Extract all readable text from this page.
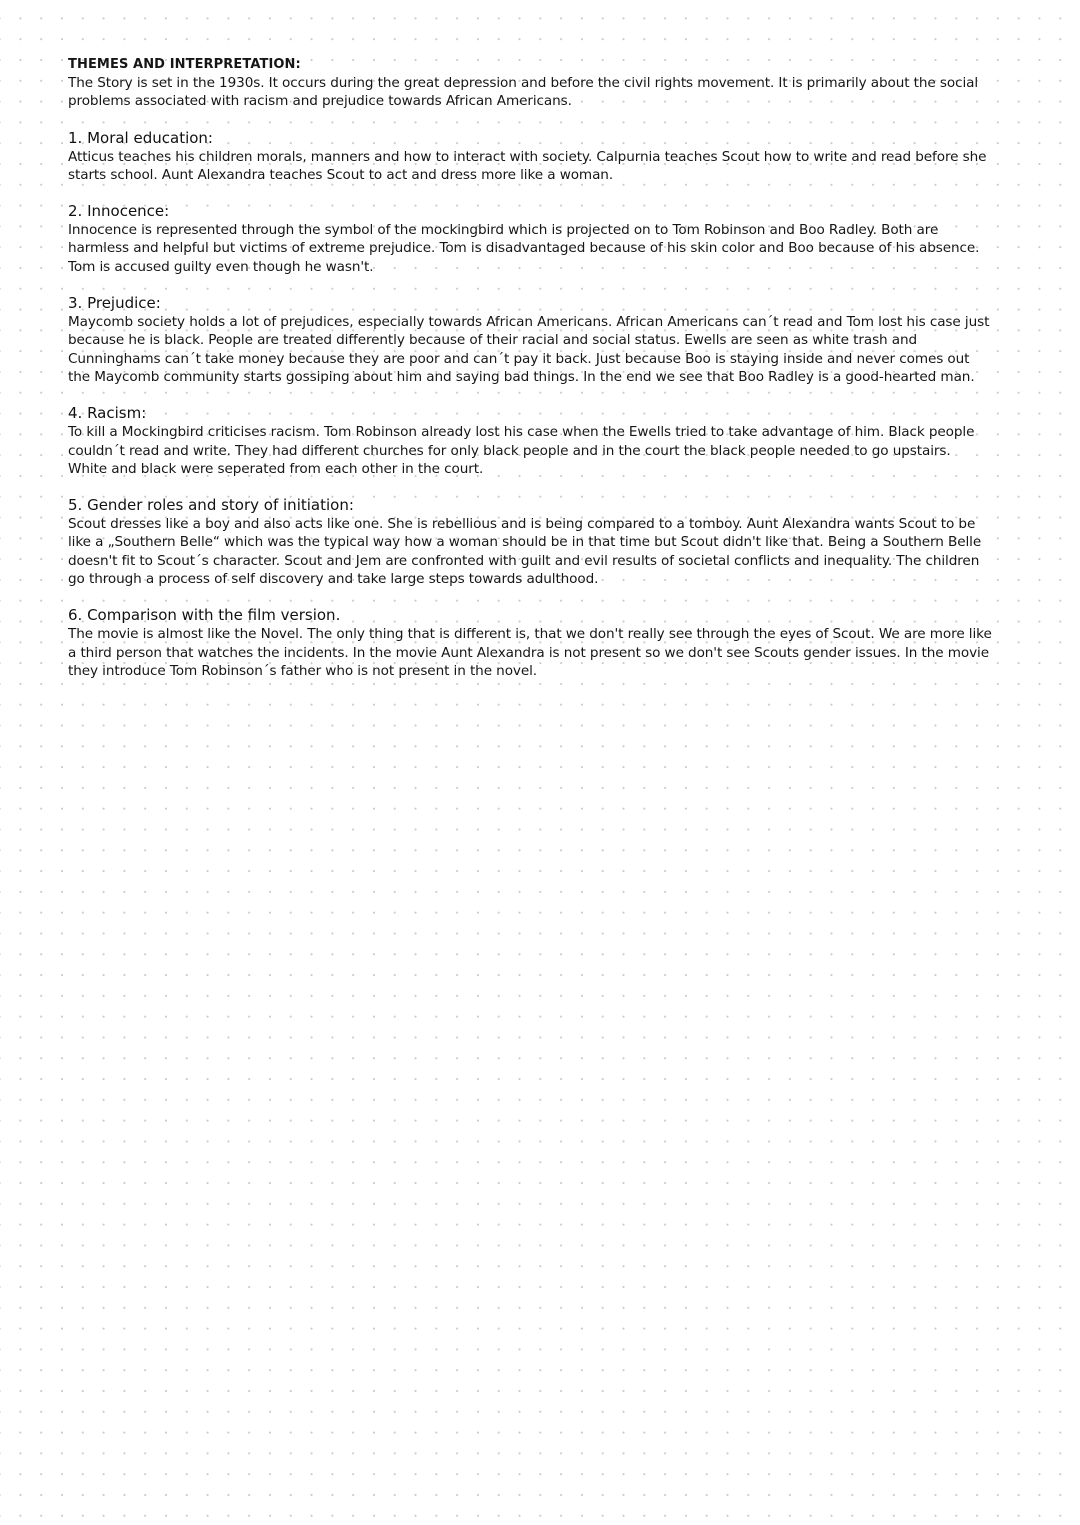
THEMES AND INTERPRETATION:

The Story is set in the 1930s. It occurs during the great depression and before the civil rights movement. It is primarily about the social problems associated with racism and prejudice towards African Americans.

1. Moral education:

Atticus teaches his children morals, manners and how to interact with society. Calpurnia teaches Scout how to write and read before she starts school. Aunt Alexandra teaches Scout to act and dress more like a woman.

2. Innocence:

Innocence is represented through the symbol of the mockingbird which is projected on to Tom Robinson and Boo Radley. Both are harmless and helpful but victims of extreme prejudice. Tom is disadvantaged because of his skin color and Boo because of his absence. Tom is accused guilty even though he wasn't.

3. Prejudice:

Maycomb society holds a lot of prejudices, especially towards African Americans. African Americans can´t read and Tom lost his case just because he is black. People are treated differently because of their racial and social status. Ewells are seen as white trash and Cunninghams can´t take money because they are poor and can´t pay it back. Just because Boo is staying inside and never comes out the Maycomb community starts gossiping about him and saying bad things. In the end we see that Boo Radley is a good-hearted man.

4. Racism:

To kill a Mockingbird criticises racism. Tom Robinson already lost his case when the Ewells tried to take advantage of him. Black people couldn´t read and write. They had different churches for only black people and in the court the black people needed to go upstairs. White and black were seperated from each other in the court.

5. Gender roles and story of initiation:

Scout dresses like a boy and also acts like one. She is rebellious and is being compared to a tomboy. Aunt Alexandra wants Scout to be like a „Southern Belle“ which was the typical way how a woman should be in that time but Scout didn't like that. Being a Southern Belle doesn't fit to Scout´s character. Scout and Jem are confronted with guilt and evil results of societal conflicts and inequality. The children go through a process of self discovery and take large steps towards adulthood.

6. Comparison with the film version.

The movie is almost like the Novel. The only thing that is different is, that we don't really see through the eyes of Scout. We are more like a third person that watches the incidents. In the movie Aunt Alexandra is not present so we don't see Scouts gender issues. In the movie they introduce Tom Robinson´s father who is not present in the novel.
